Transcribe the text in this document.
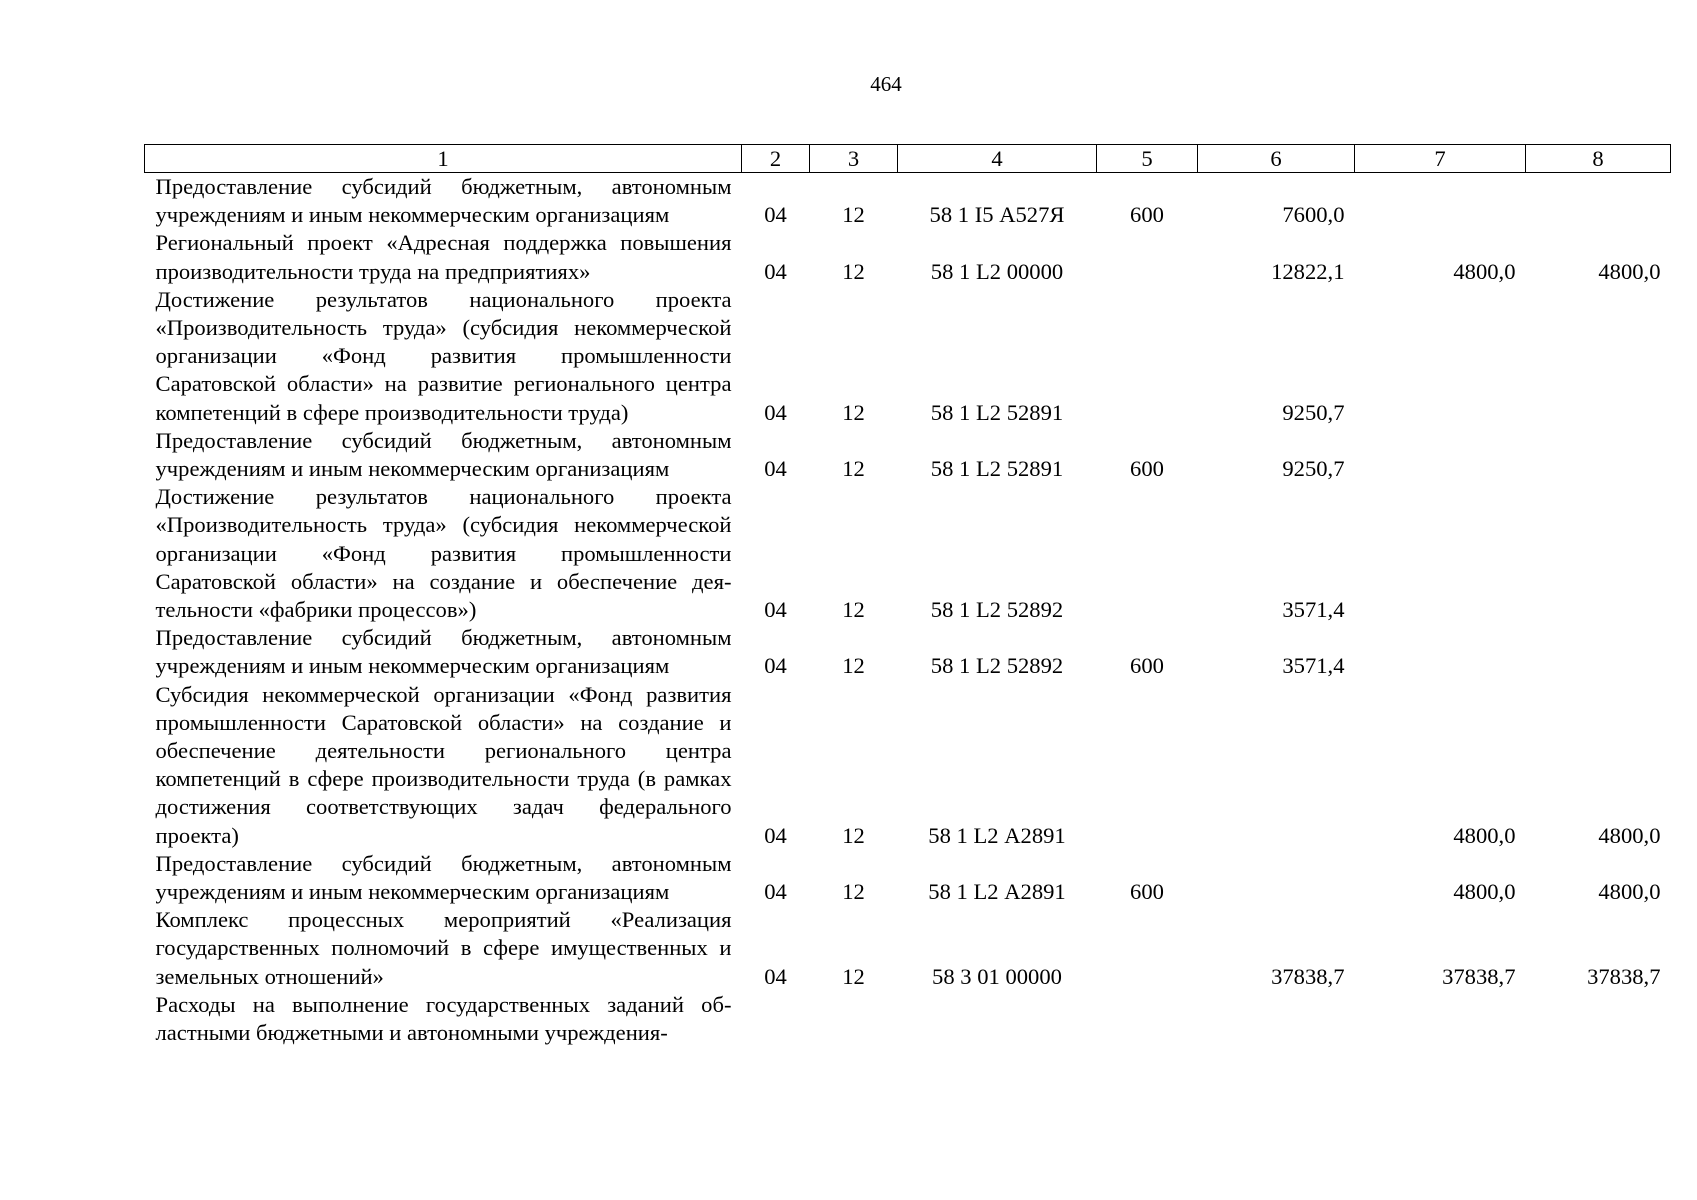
464
1	2	3	4	5	6	7	8
Предоставление субсидий бюджетным, автономным учреждениям и иным некоммерческим организациям	04	12	58 1 I5 А527Я	600	7600,0		
Региональный проект «Адресная поддержка повышения производительности труда на предприятиях»	04	12	58 1 L2 00000		12822,1	4800,0	4800,0
Достижение результатов национального проекта «Производительность труда» (субсидия некоммерческой организации «Фонд развития промышленности Саратовской области» на развитие регионального центра компетенций в сфере производительности труда)	04	12	58 1 L2 52891		9250,7		
Предоставление субсидий бюджетным, автономным учреждениям и иным некоммерческим организациям	04	12	58 1 L2 52891	600	9250,7		
Достижение результатов национального проекта «Производительность труда» (субсидия некоммерческой организации «Фонд развития промышленности Саратовской области» на создание и обеспечение деятельности «фабрики процессов»)	04	12	58 1 L2 52892		3571,4		
Предоставление субсидий бюджетным, автономным учреждениям и иным некоммерческим организациям	04	12	58 1 L2 52892	600	3571,4		
Субсидия некоммерческой организации «Фонд развития промышленности Саратовской области» на создание и обеспечение деятельности регионального центра компетенций в сфере производительности труда (в рамках достижения соответствующих задач федерального проекта)	04	12	58 1 L2 А2891			4800,0	4800,0
Предоставление субсидий бюджетным, автономным учреждениям и иным некоммерческим организациям	04	12	58 1 L2 А2891	600		4800,0	4800,0
Комплекс процессных мероприятий «Реализация государственных полномочий в сфере имущественных и земельных отношений»	04	12	58 3 01 00000		37838,7	37838,7	37838,7
Расходы на выполнение государственных заданий областными бюджетными и автономными учреждения-							
